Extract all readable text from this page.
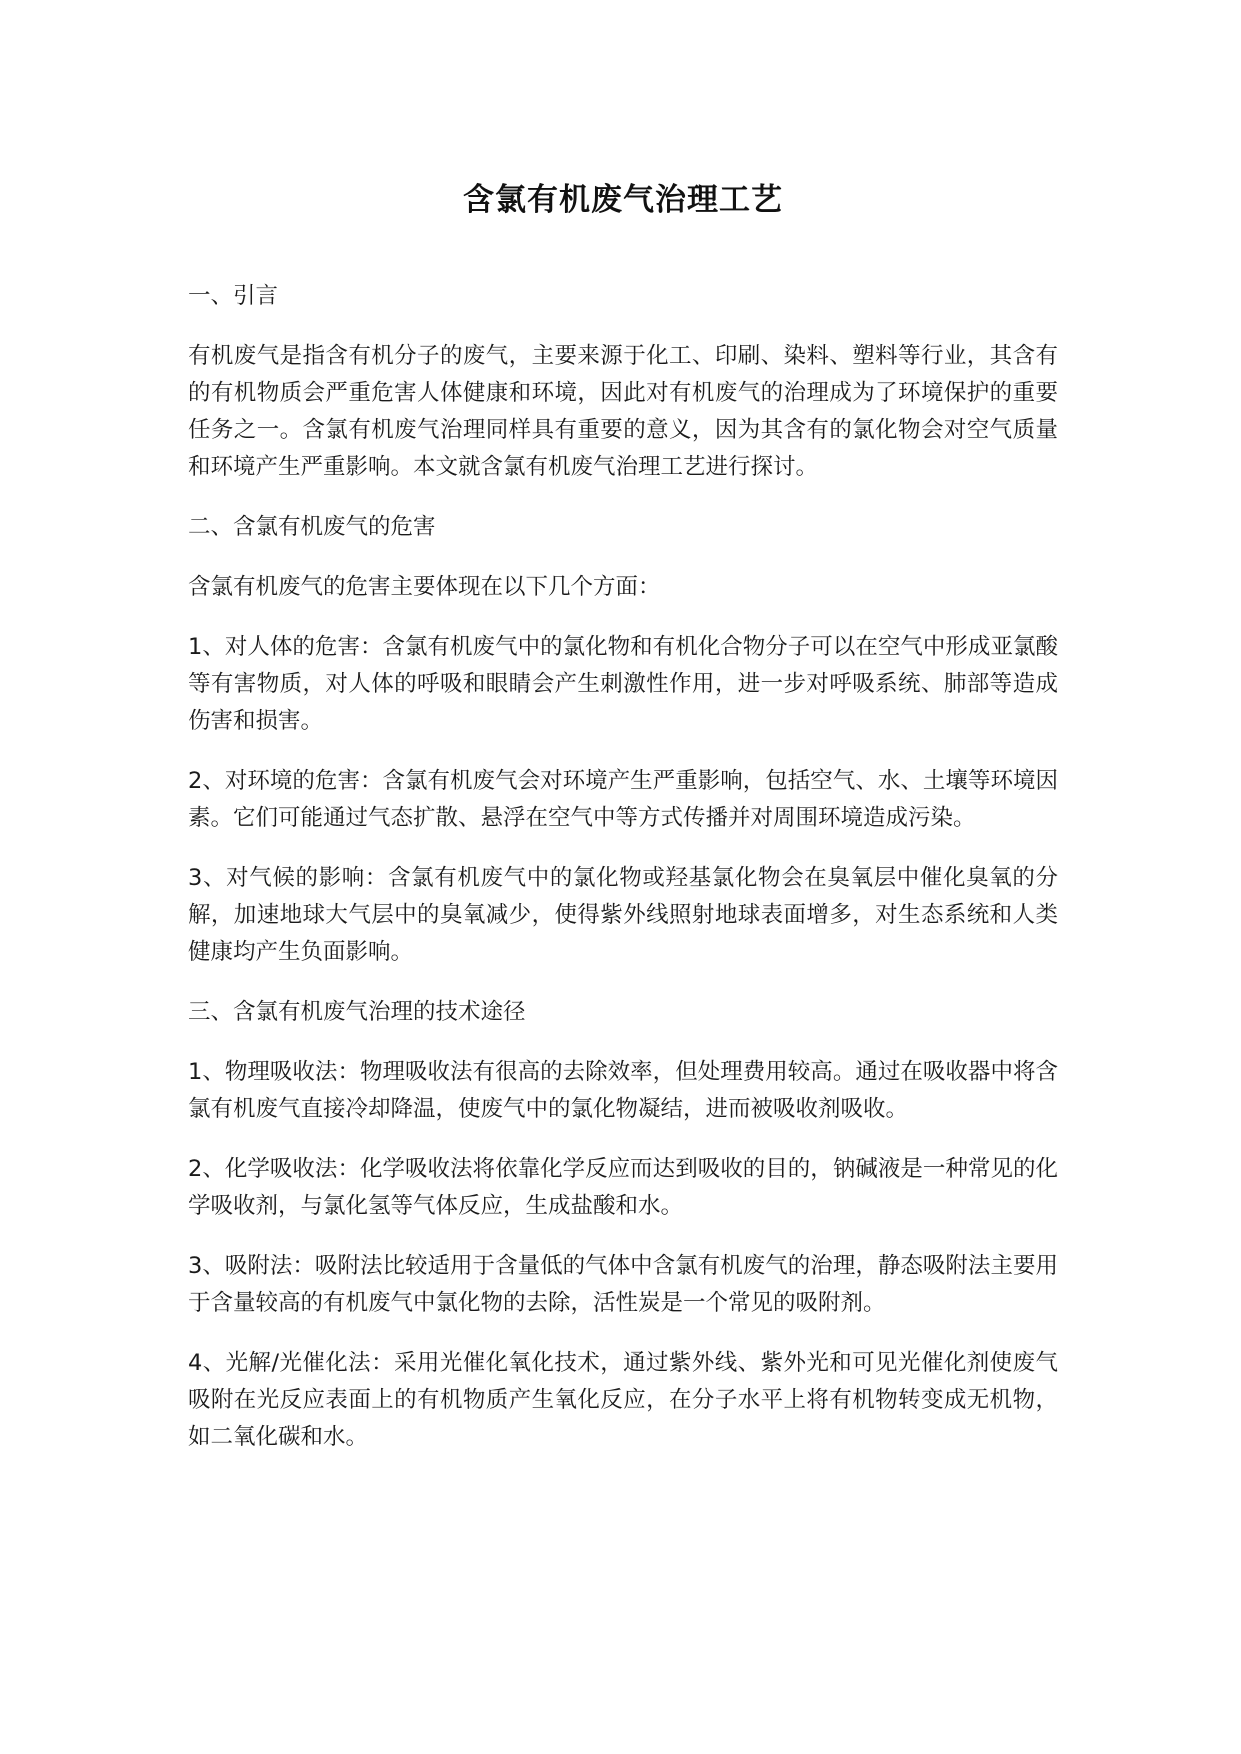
含氯有机废气治理工艺

一、引言

有机废气是指含有机分子的废气，主要来源于化工、印刷、染料、塑料等行业，其含有的有机物质会严重危害人体健康和环境，因此对有机废气的治理成为了环境保护的重要任务之一。含氯有机废气治理同样具有重要的意义，因为其含有的氯化物会对空气质量和环境产生严重影响。本文就含氯有机废气治理工艺进行探讨。

二、含氯有机废气的危害

含氯有机废气的危害主要体现在以下几个方面：

1、对人体的危害：含氯有机废气中的氯化物和有机化合物分子可以在空气中形成亚氯酸等有害物质，对人体的呼吸和眼睛会产生刺激性作用，进一步对呼吸系统、肺部等造成伤害和损害。

2、对环境的危害：含氯有机废气会对环境产生严重影响，包括空气、水、土壤等环境因素。它们可能通过气态扩散、悬浮在空气中等方式传播并对周围环境造成污染。

3、对气候的影响：含氯有机废气中的氯化物或羟基氯化物会在臭氧层中催化臭氧的分解，加速地球大气层中的臭氧减少，使得紫外线照射地球表面增多，对生态系统和人类健康均产生负面影响。

三、含氯有机废气治理的技术途径

1、物理吸收法：物理吸收法有很高的去除效率，但处理费用较高。通过在吸收器中将含氯有机废气直接冷却降温，使废气中的氯化物凝结，进而被吸收剂吸收。

2、化学吸收法：化学吸收法将依靠化学反应而达到吸收的目的，钠碱液是一种常见的化学吸收剂，与氯化氢等气体反应，生成盐酸和水。

3、吸附法：吸附法比较适用于含量低的气体中含氯有机废气的治理，静态吸附法主要用于含量较高的有机废气中氯化物的去除，活性炭是一个常见的吸附剂。

4、光解/光催化法：采用光催化氧化技术，通过紫外线、紫外光和可见光催化剂使废气吸附在光反应表面上的有机物质产生氧化反应，在分子水平上将有机物转变成无机物，如二氧化碳和水。
